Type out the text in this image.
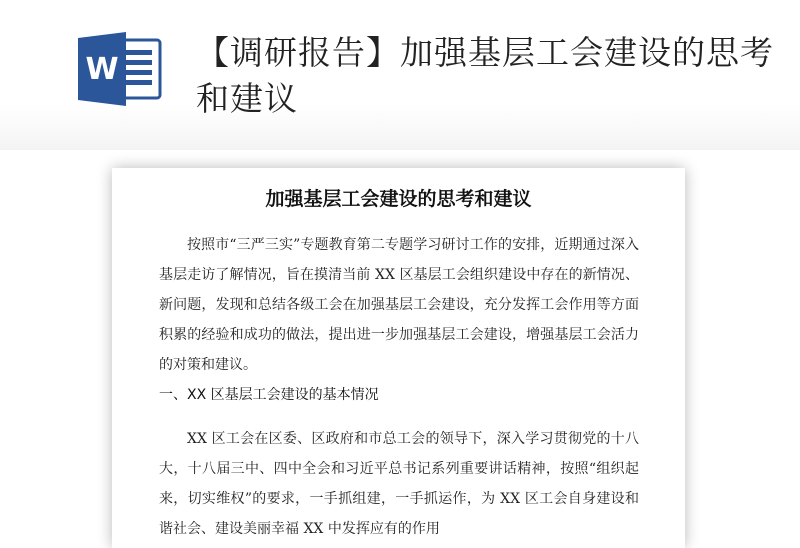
W 【调研报告】加强基层工会建设的思考和建议
加强基层工会建设的思考和建议

按照市“三严三实”专题教育第二专题学习研讨工作的安排，近期通过深入基层走访了解情况，旨在摸清当前 XX 区基层工会组织建设中存在的新情况、新问题，发现和总结各级工会在加强基层工会建设，充分发挥工会作用等方面积累的经验和成功的做法，提出进一步加强基层工会建设，增强基层工会活力的对策和建议。

一、XX 区基层工会建设的基本情况

XX 区工会在区委、区政府和市总工会的领导下，深入学习贯彻党的十八大，十八届三中、四中全会和习近平总书记系列重要讲话精神，按照“组织起来，切实维权”的要求，一手抓组建，一手抓运作，为 XX 区工会自身建设和谐社会、建设美丽幸福 XX 中发挥应有的作用
